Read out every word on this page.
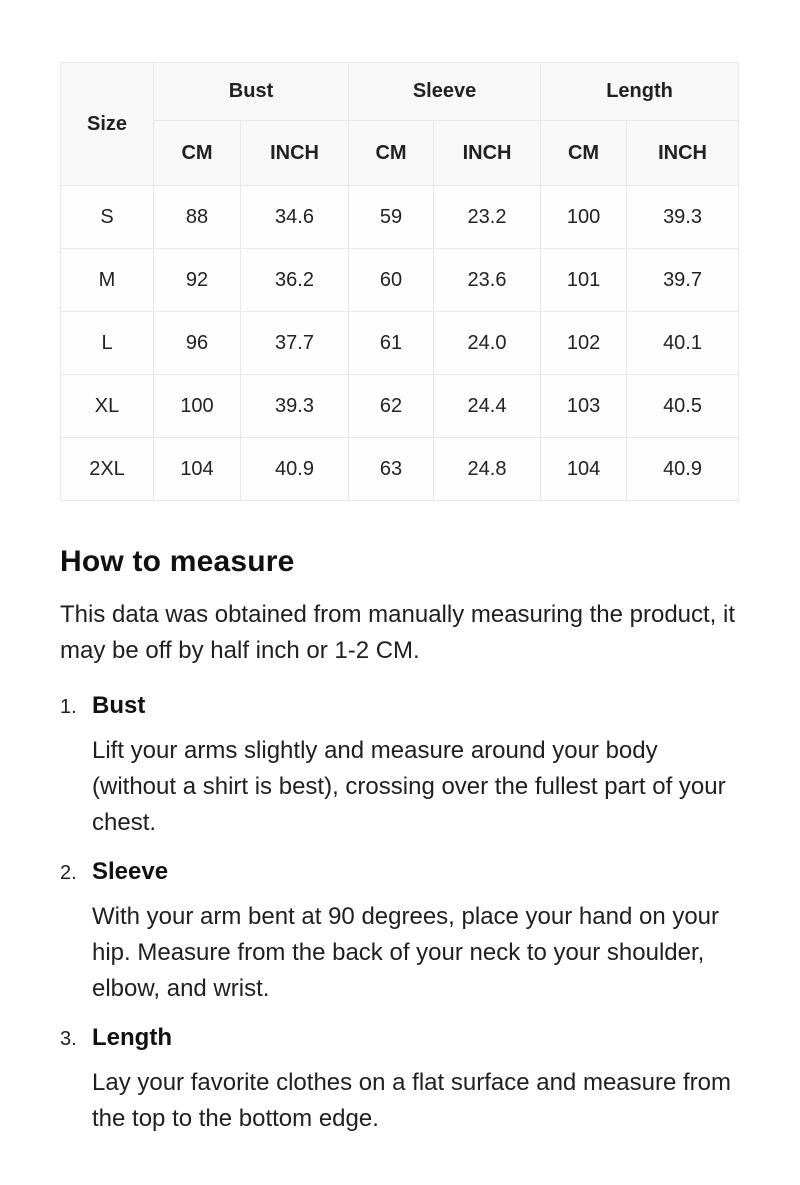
Size	Bust		Sleeve		Length	
	CM	INCH	CM	INCH	CM	INCH
S	88	34.6	59	23.2	100	39.3
M	92	36.2	60	23.6	101	39.7
L	96	37.7	61	24.0	102	40.1
XL	100	39.3	62	24.4	103	40.5
2XL	104	40.9	63	24.8	104	40.9
How to measure

This data was obtained from manually measuring the product, it may be off by half inch or 1-2 CM.

1. Bust
Lift your arms slightly and measure around your body (without a shirt is best), crossing over the fullest part of your chest.
2. Sleeve
With your arm bent at 90 degrees, place your hand on your hip. Measure from the back of your neck to your shoulder, elbow, and wrist.
3. Length
Lay your favorite clothes on a flat surface and measure from the top to the bottom edge.
